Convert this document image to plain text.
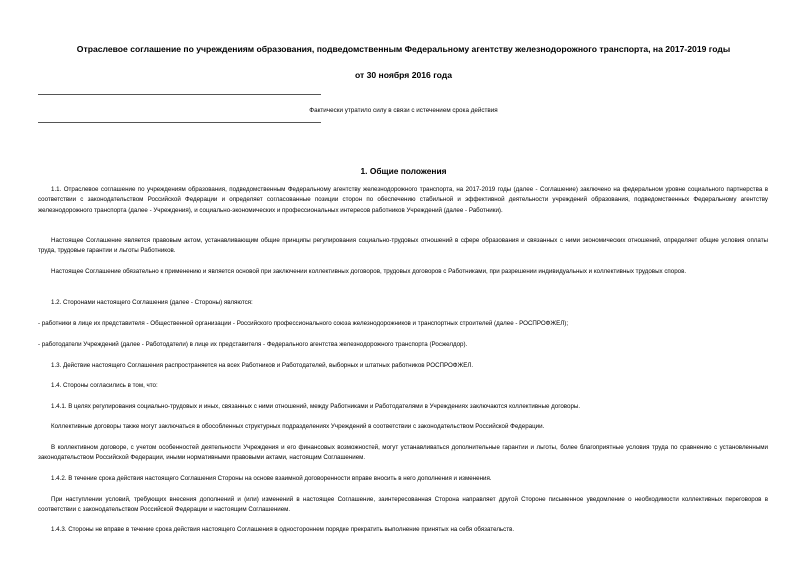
Отраслевое соглашение по учреждениям образования, подведомственным Федеральному агентству железнодорожного транспорта, на 2017-2019 годы
от 30 ноября 2016 года
Фактически утратило силу в связи с истечением срока действия
1. Общие положения

1.1. Отраслевое соглашение по учреждениям образования, подведомственным Федеральному агентству железнодорожного транспорта, на 2017-2019 годы (далее - Соглашение) заключено на федеральном уровне социального партнерства в соответствии с законодательством Российской Федерации и определяет согласованные позиции сторон по обеспечению стабильной и эффективной деятельности учреждений образования, подведомственных Федеральному агентству железнодорожного транспорта (далее - Учреждения), и социально-экономических и профессиональных интересов работников Учреждений (далее - Работники).

Настоящее Соглашение является правовым актом, устанавливающим общие принципы регулирования социально-трудовых отношений в сфере образования и связанных с ними экономических отношений, определяет общие условия оплаты труда, трудовые гарантии и льготы Работников.

Настоящее Соглашение обязательно к применению и является основой при заключении коллективных договоров, трудовых договоров с Работниками, при разрешении индивидуальных и коллективных трудовых споров.

1.2. Сторонами настоящего Соглашения (далее - Стороны) являются:

- работники в лице их представителя - Общественной организации - Российского профессионального союза железнодорожников и транспортных строителей (далее - РОСПРОФЖЕЛ);

- работодатели Учреждений (далее - Работодатели) в лице их представителя - Федерального агентства железнодорожного транспорта (Росжелдор).

1.3. Действие настоящего Соглашения распространяется на всех Работников и Работодателей, выборных и штатных работников РОСПРОФЖЕЛ.

1.4. Стороны согласились в том, что:

1.4.1. В целях регулирования социально-трудовых и иных, связанных с ними отношений, между Работниками и Работодателями в Учреждениях заключаются коллективные договоры.

Коллективные договоры также могут заключаться в обособленных структурных подразделениях Учреждений в соответствии с законодательством Российской Федерации.

В коллективном договоре, с учетом особенностей деятельности Учреждения и его финансовых возможностей, могут устанавливаться дополнительные гарантии и льготы, более благоприятные условия труда по сравнению с установленными законодательством Российской Федерации, иными нормативными правовыми актами, настоящим Соглашением.

1.4.2. В течение срока действия настоящего Соглашения Стороны на основе взаимной договоренности вправе вносить в него дополнения и изменения.

При наступлении условий, требующих внесения дополнений и (или) изменений в настоящее Соглашение, заинтересованная Сторона направляет другой Стороне письменное уведомление о необходимости коллективных переговоров в соответствии с законодательством Российской Федерации и настоящим Соглашением.

1.4.3. Стороны не вправе в течение срока действия настоящего Соглашения в одностороннем порядке прекратить выполнение принятых на себя обязательств.
